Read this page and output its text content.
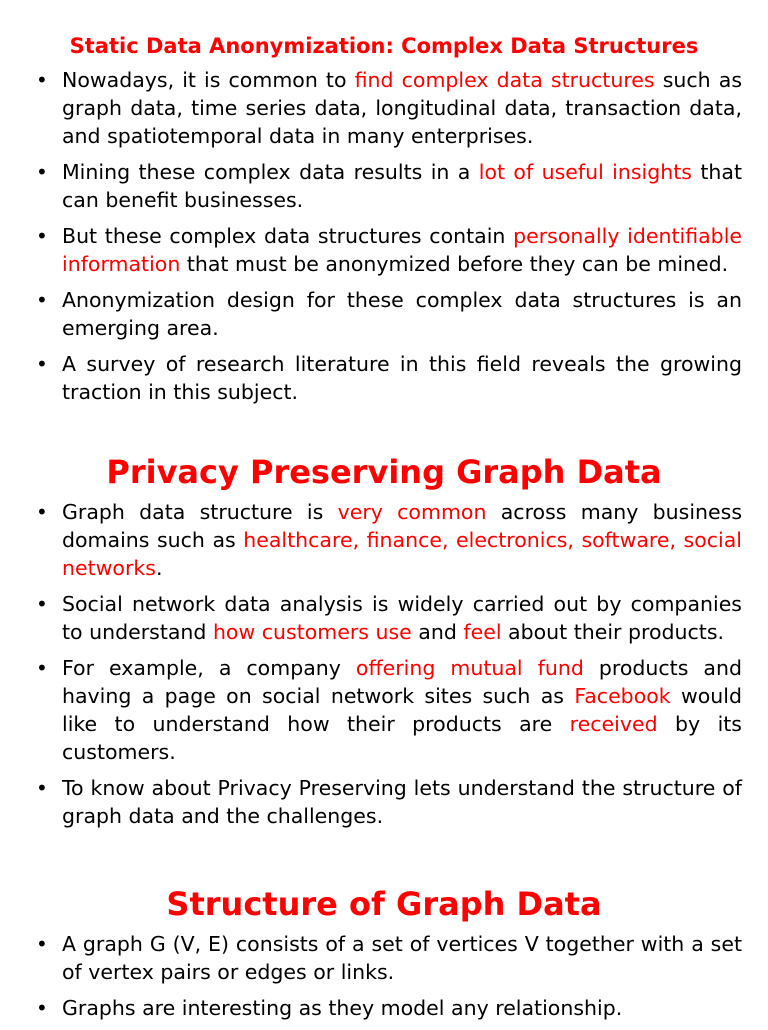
Static Data Anonymization: Complex Data Structures
• Nowadays, it is common to find complex data structures such as graph data, time series data, longitudinal data, transaction data, and spatiotemporal data in many enterprises.
• Mining these complex data results in a lot of useful insights that can benefit businesses.
• But these complex data structures contain personally identifiable information that must be anonymized before they can be mined.
• Anonymization design for these complex data structures is an emerging area.
• A survey of research literature in this field reveals the growing traction in this subject.
Privacy Preserving Graph Data
• Graph data structure is very common across many business domains such as healthcare, finance, electronics, software, social networks.
• Social network data analysis is widely carried out by companies to understand how customers use and feel about their products.
• For example, a company offering mutual fund products and having a page on social network sites such as Facebook would like to understand how their products are received by its customers.
• To know about Privacy Preserving lets understand the structure of graph data and the challenges.
Structure of Graph Data
• A graph G (V, E) consists of a set of vertices V together with a set of vertex pairs or edges or links.
• Graphs are interesting as they model any relationship.
